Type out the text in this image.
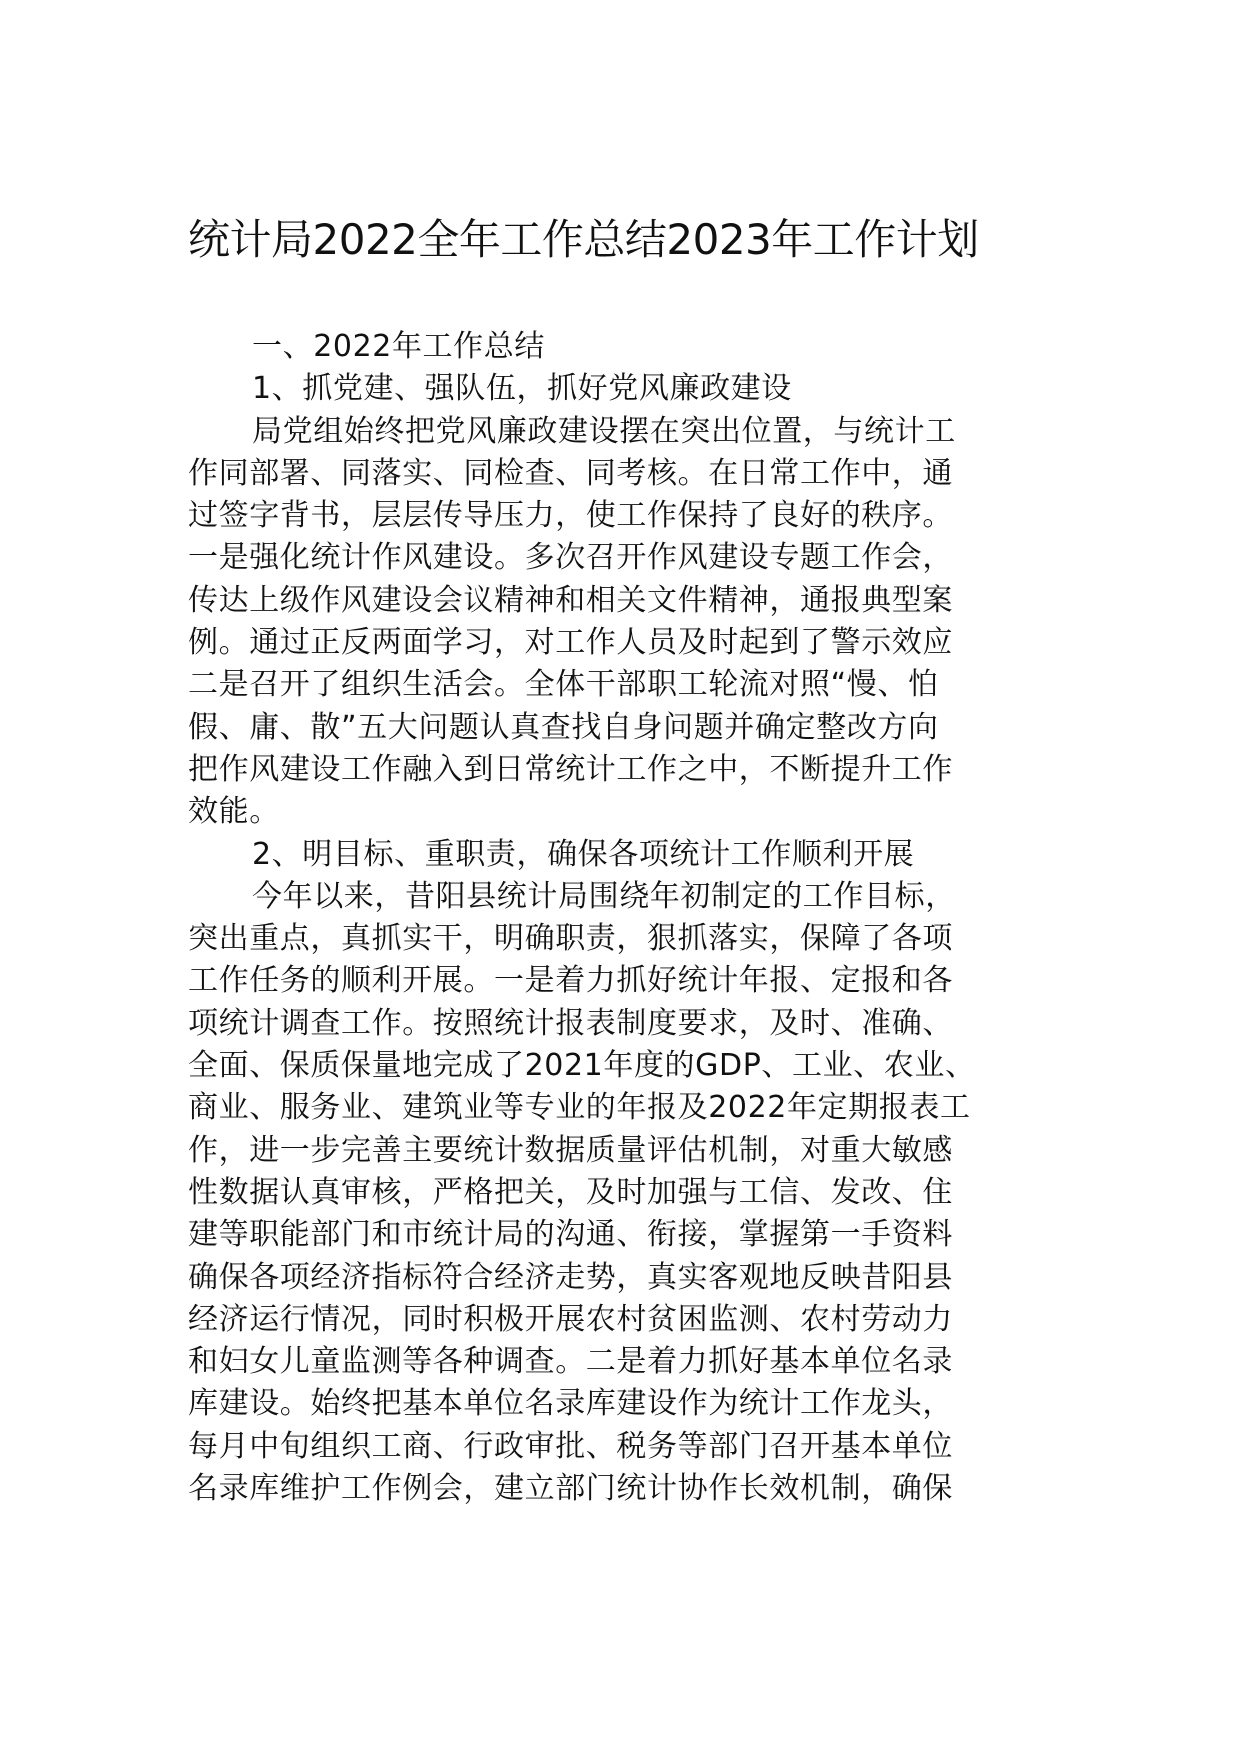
统计局2022全年工作总结2023年工作计划
一、2022年工作总结
1、抓党建、强队伍，抓好党风廉政建设
局党组始终把党风廉政建设摆在突出位置，与统计工
作同部署、同落实、同检查、同考核。在日常工作中，通
过签字背书，层层传导压力，使工作保持了良好的秩序。
一是强化统计作风建设。多次召开作风建设专题工作会，
传达上级作风建设会议精神和相关文件精神，通报典型案
例。通过正反两面学习，对工作人员及时起到了警示效应
二是召开了组织生活会。全体干部职工轮流对照“慢、怕
假、庸、散”五大问题认真查找自身问题并确定整改方向
把作风建设工作融入到日常统计工作之中，不断提升工作
效能。
2、明目标、重职责，确保各项统计工作顺利开展
今年以来，昔阳县统计局围绕年初制定的工作目标，
突出重点，真抓实干，明确职责，狠抓落实，保障了各项
工作任务的顺利开展。一是着力抓好统计年报、定报和各
项统计调查工作。按照统计报表制度要求，及时、准确、
全面、保质保量地完成了2021年度的GDP、工业、农业、
商业、服务业、建筑业等专业的年报及2022年定期报表工
作，进一步完善主要统计数据质量评估机制，对重大敏感
性数据认真审核，严格把关，及时加强与工信、发改、住
建等职能部门和市统计局的沟通、衔接，掌握第一手资料
确保各项经济指标符合经济走势，真实客观地反映昔阳县
经济运行情况，同时积极开展农村贫困监测、农村劳动力
和妇女儿童监测等各种调查。二是着力抓好基本单位名录
库建设。始终把基本单位名录库建设作为统计工作龙头，
每月中旬组织工商、行政审批、税务等部门召开基本单位
名录库维护工作例会，建立部门统计协作长效机制，确保
